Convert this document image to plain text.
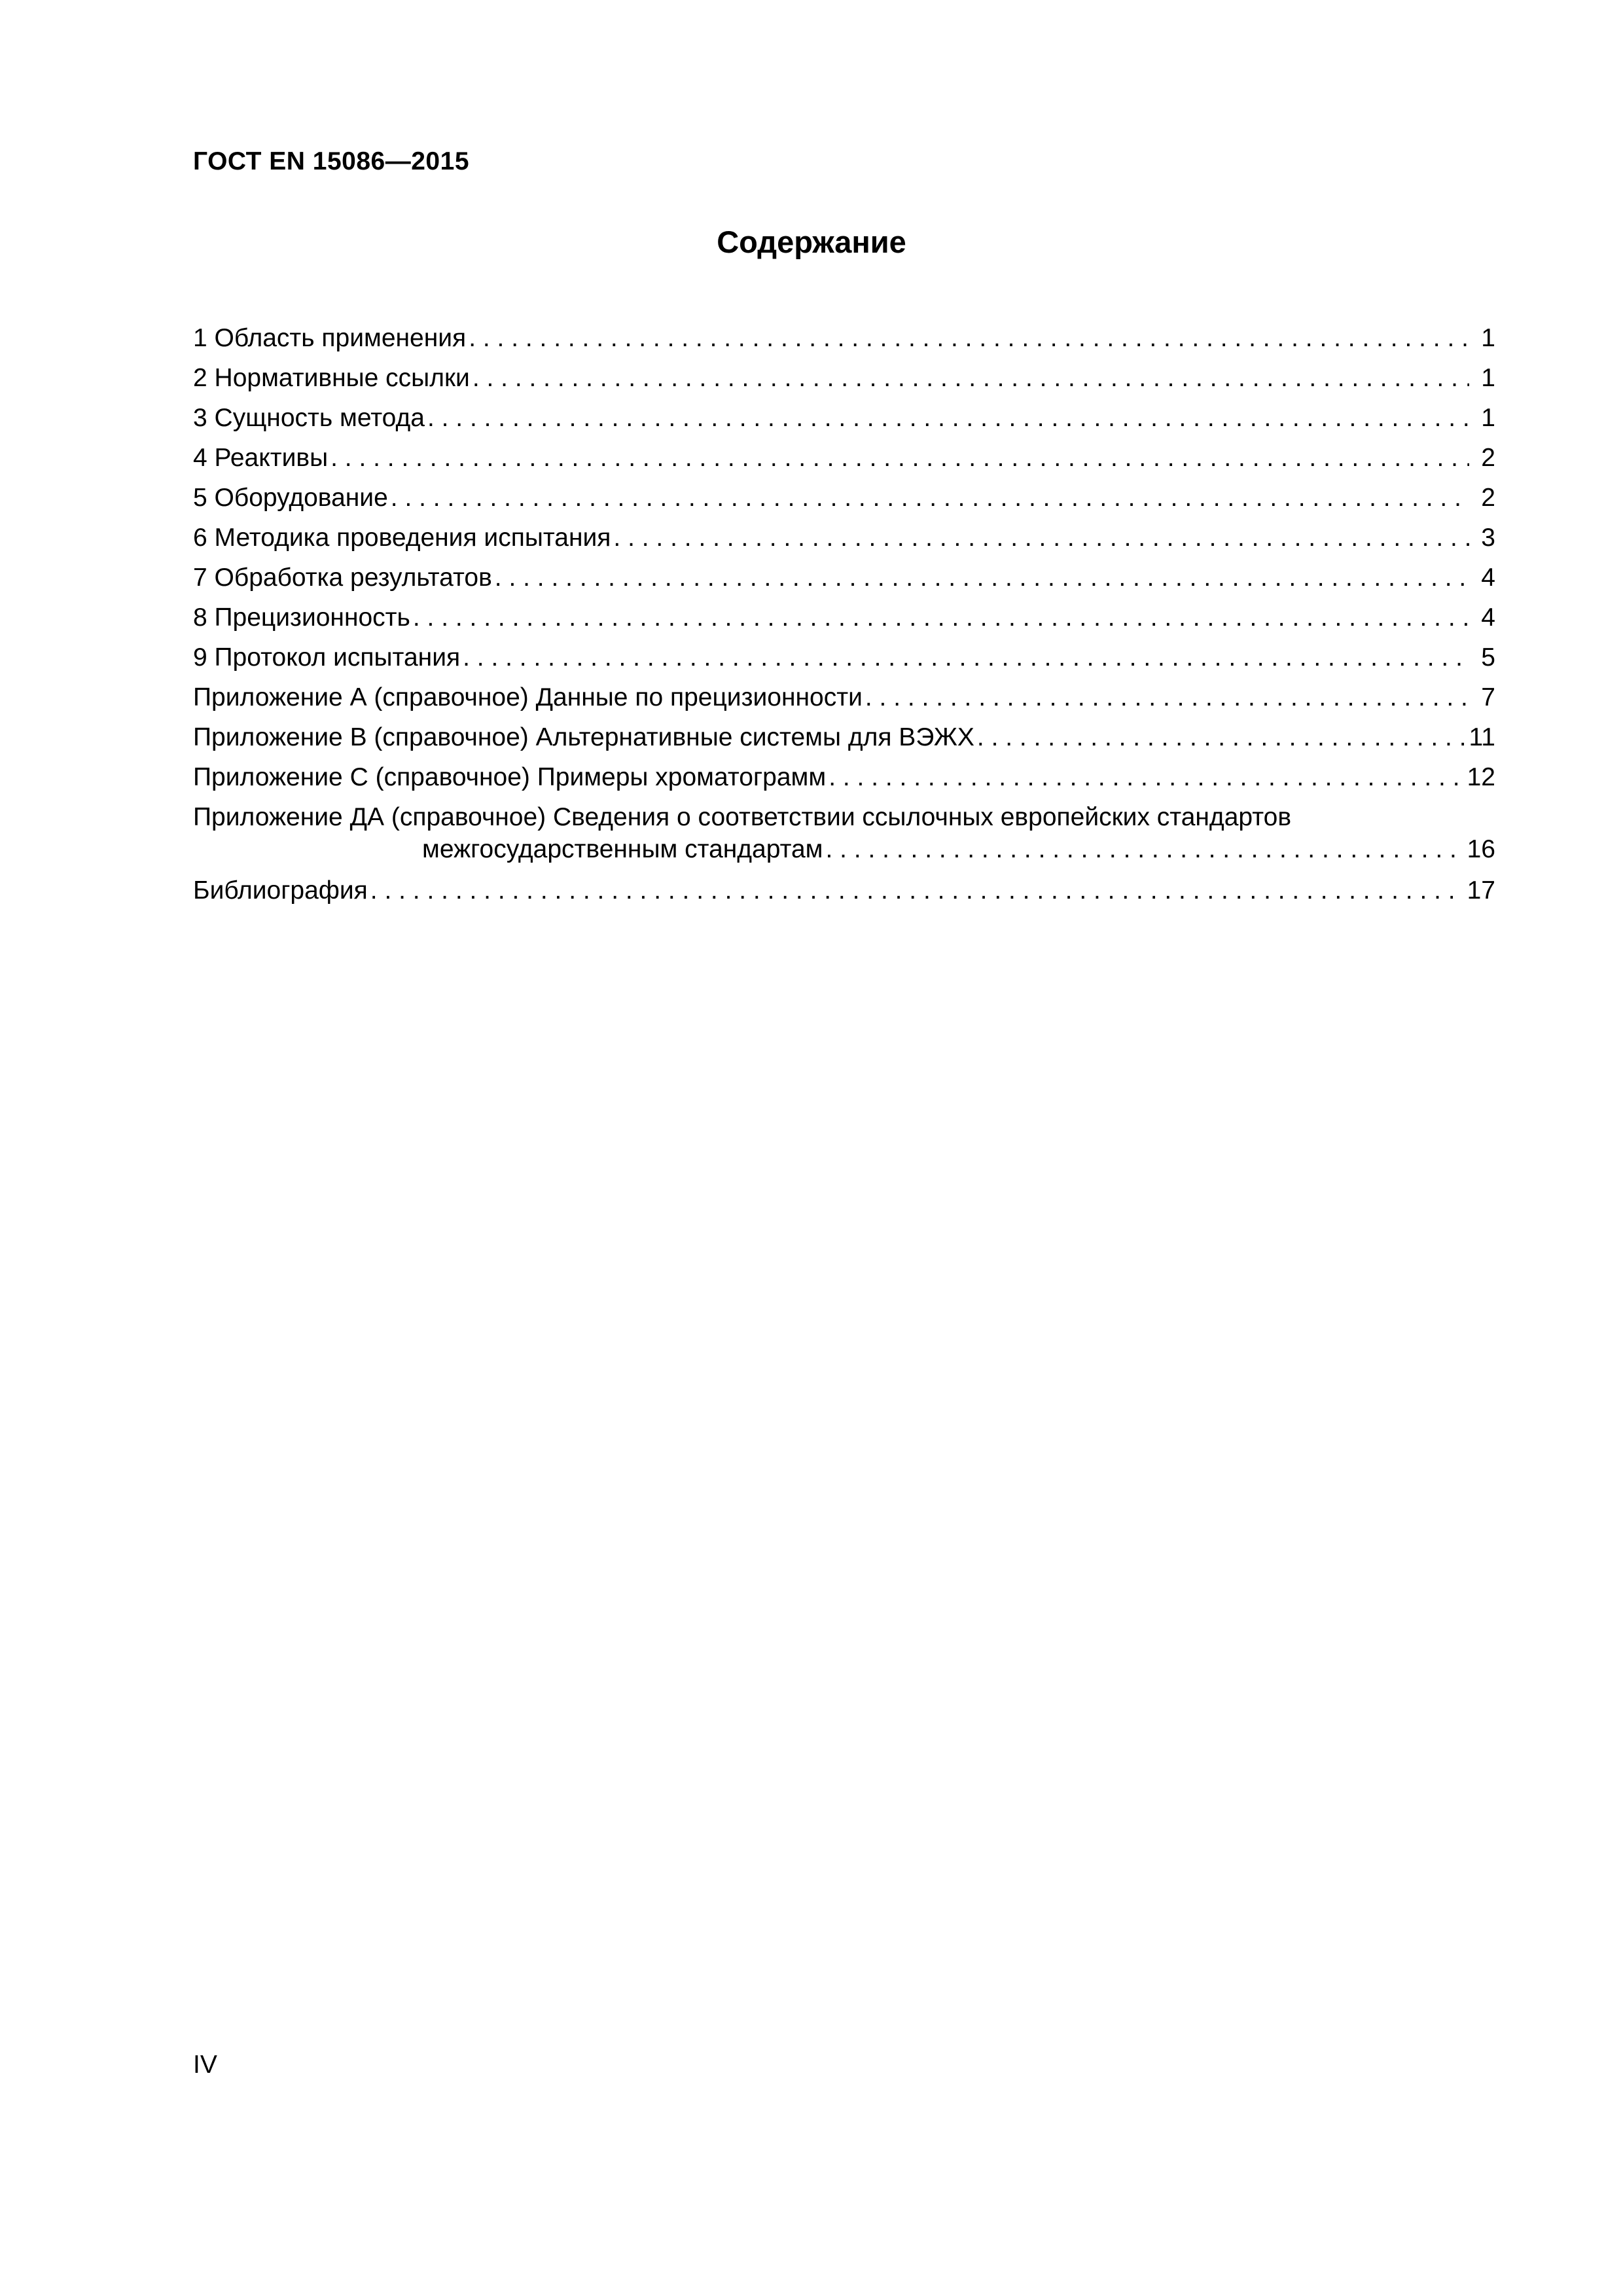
ГОСТ EN 15086—2015
Содержание
1 Область применения . . .	1
2 Нормативные ссылки . . .	1
3 Сущность метода . . .	1
4 Реактивы . . .	2
5 Оборудование . . .	2
6 Методика проведения испытания . . .	3
7 Обработка результатов . . .	4
8 Прецизионность . . .	4
9 Протокол испытания . . .	5
Приложение А (справочное) Данные по прецизионности . . .	7
Приложение В (справочное) Альтернативные системы для ВЭЖХ . . .	11
Приложение С (справочное) Примеры хроматограмм . . .	12
Приложение ДА (справочное) Сведения о соответствии ссылочных европейских стандартов
межгосударственным стандартам . . .	16
Библиография . . .	17
IV
